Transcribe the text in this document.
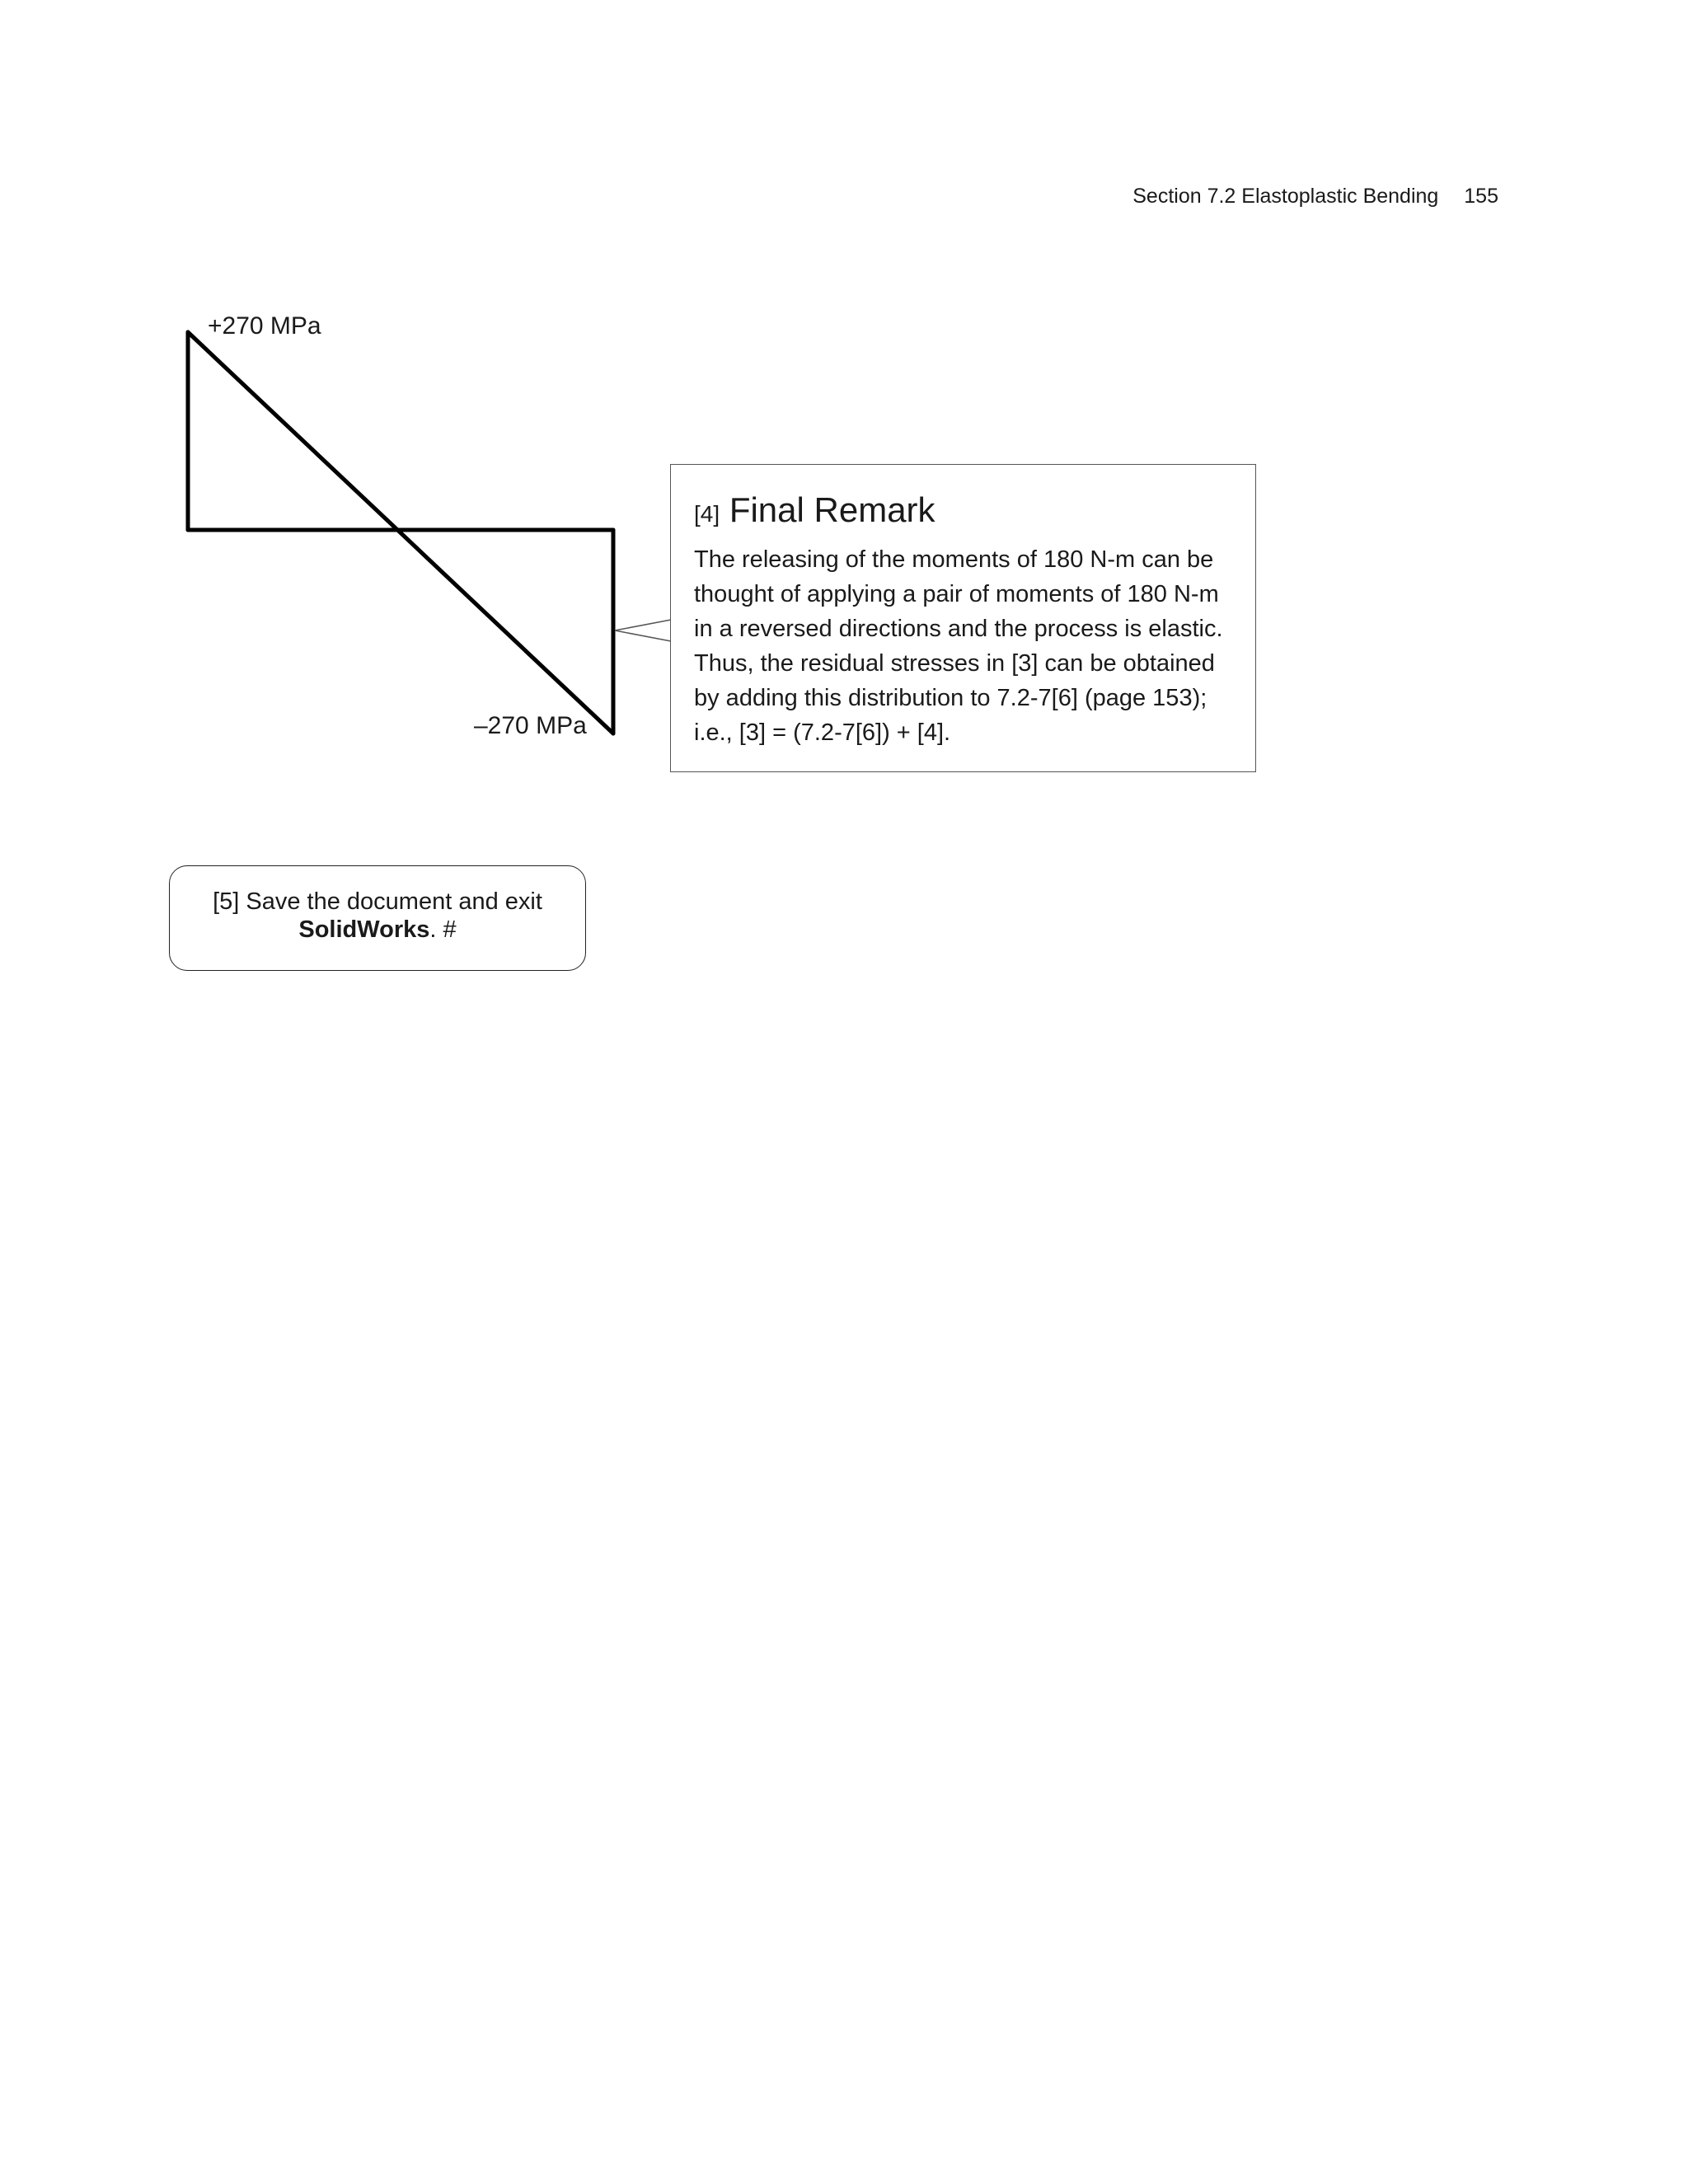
Section 7.2 Elastoplastic Bending 155
+270 MPa
–270 MPa
[4] Final Remark

The releasing of the moments of 180 N-m can be thought of applying a pair of moments of 180 N-m in a reversed directions and the process is elastic. Thus, the residual stresses in [3] can be obtained by adding this distribution to 7.2-7[6] (page 153); i.e., [3] = (7.2-7[6]) + [4].

[5] Save the document and exit
SolidWorks. #
